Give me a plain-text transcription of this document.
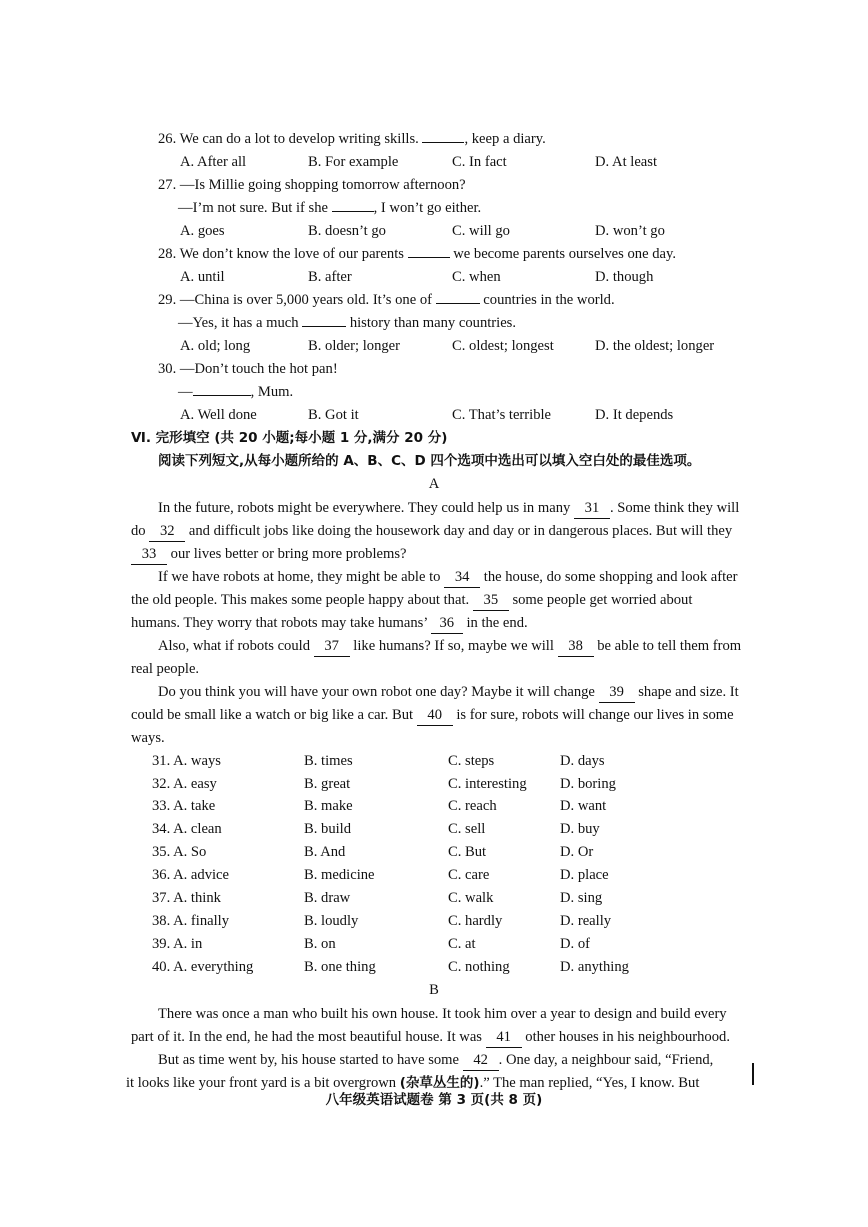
26. We can do a lot to develop writing skills.	, keep a diary.
A. After all	B. For example	C. In fact	D. At least
27. —Is Millie going shopping tomorrow afternoon?
—I’m not sure. But if she	, I won’t go either.
A. goes	B. doesn’t go	C. will go	D. won’t go
28. We don’t know the love of our parents	we become parents ourselves one day.
A. until	B. after	C. when	D. though
29. —China is over 5,000 years old. It’s one of	countries in the world.
—Yes, it has a much	history than many countries.
A. old; long	B. older; longer	C. oldest; longest	D. the oldest; longer
30. —Don’t touch the hot pan!
—	, Mum.
A. Well done	B. Got it	C. That’s terrible	D. It depends
Ⅵ. 完形填空 (共 20 小题;每小题 1 分,满分 20 分)
阅读下列短文,从每小题所给的 A、B、C、D 四个选项中选出可以填入空白处的最佳选项。
A
In the future, robots might be everywhere. They could help us in many 31 . Some think they will
do 32 and difficult jobs like doing the housework day and day or in dangerous places. But will they
33 our lives better or bring more problems?
If we have robots at home, they might be able to 34 the house, do some shopping and look after
the old people. This makes some people happy about that. 35 some people get worried about
humans. They worry that robots may take humans’ 36 in the end.
Also, what if robots could 37 like humans? If so, maybe we will 38 be able to tell them from
real people.
Do you think you will have your own robot one day? Maybe it will change 39 shape and size. It
could be small like a watch or big like a car. But 40 is for sure, robots will change our lives in some
ways.
31. A. ways	B. times	C. steps	D. days
32. A. easy	B. great	C. interesting D. boring
33. A. take	B. make	C. reach	D. want
34. A. clean	B. build	C. sell	D. buy
35. A. So	B. And	C. But	D. Or
36. A. advice	B. medicine	C. care	D. place
37. A. think	B. draw	C. walk	D. sing
38. A. finally	B. loudly	C. hardly	D. really
39. A. in	B. on	C. at	D. of
40. A. everything	B. one thing	C. nothing	D. anything
B
There was once a man who built his own house. It took him over a year to design and build every
part of it. In the end, he had the most beautiful house. It was 41 other houses in his neighbourhood.
But as time went by, his house started to have some 42 . One day, a neighbour said, “Friend,
it looks like your front yard is a bit overgrown (杂草丛生的).” The man replied, “Yes, I know. But
八年级英语试题卷 第 3 页(共 8 页)
